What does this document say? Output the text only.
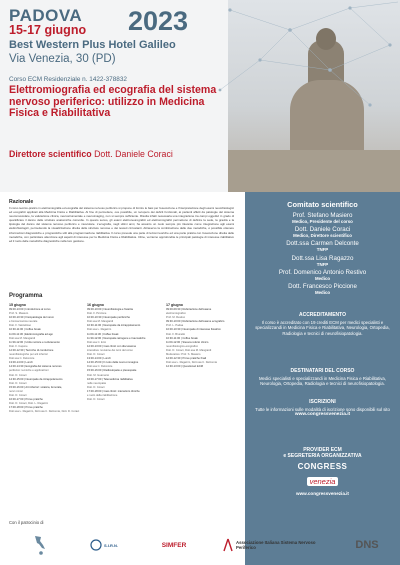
PADOVA 2023
15-17 giugno
Best Western Plus Hotel Galileo
Via Venezia, 30 (PD)
Corso ECM Residenziale n. 1422-378832
Elettromiografia ed ecografia del sistema nervoso periferico: utilizzo in Medicina Fisica e Riabilitativa
Direttore scientifico Dott. Daniele Coraci
Razionale

Il corso teorico-pratico in elettromiografia ed ecografia del sistema nervoso periferico si propone di fornire le basi per l'esecuzione e l'interpretazione degli esami neurofisiologici ed ecografici applicati alla Medicina Fisica e Riabilitativa. Al fine di permettere, ove possibile, un recupero dei deficit funzionali, ai pazienti affetti da patologie del sistema neuromuscolare, la valutazione clinica, neurostrumentale e neuroimaging, non si sempre sufficiente. Risulta infatti necessaria una integrazione tra campi oggettivi in grado di quantificare il danno delle strutture anatomiche coinvolte. In questo senso, gli esami elettroneurografici ed elettromiografici permettono di definire la sede, la gravità e la tipologia del danno del sistema nervoso periferico e muscolare. L'ecografia, negli ultimi anni, ha assunto un ruolo sempre più rilevante come integrazione agli esami elettrofisiologici, permettendo la visualizzazione diretta delle strutture nervose e dei tessuti circostanti. Attraverso la combinazione delle due metodiche, è possibile ottenere informazioni diagnostiche e prognostiche utili alla programmazione riabilitativa. Il corso prevede una parte di lezioni teoriche ed una parte pratica con l'esecuzione diretta delle metodiche, con particolare attenzione agli aspetti di interesse per la Medicina Fisica e Riabilitativa. Infine, verranno approfondite le principali patologie di interesse riabilitativo ed il ruolo delle metodiche diagnostiche nella loro gestione.

Programma
15 giugno
09:00-13:00 | Introduzione al corso
Prof. S. Masiero
10:00-10:30 | Fisiopatologia del nervo
e biomeccanica neurale
Dott. F. Vaticelloso
10:30-11:00 | Coffee break
11:00-11:30 | Elettromiografia ad ago
Dott.ssa M. Mangiardi
11:30-12:00 | Unità motorie e reclutamento
Dott. F. Capone
12:00-12:30 | Tecniche di conduzione
neurofisiologiche per arti inferiori
Dott.ssa C. Delcomte
13:00-14:00 | Lunch
14:00-14:30 | Ecografia del sistema nervoso
periferico: tecniche e applicazioni
Dott. D. Coraci
14:30-15:00 | Neuropatie da intrappolamento
Dott. D. Coraci
15:00-16:00 | Arti inferiori: sciatica, femorale,
nervi minori
Dott. D. Coraci
16:00-17:00 | Prove pratiche
Dott. D. Coraci, Dott. L. Ragazzo
17:00-18:00 | Prove pratiche
Dott.ssa L. Ragazzo, Dott.ssa C. Delcomte, Dott. D. Coraci
16 giugno
09:00-10:00 | Neurofisiologia e fisiatria
Dott. F. Piccione
10:00-10:30 | Neuropatie periferiche
Dott.ssa M. Mangiardi
10:30-11:00 | Neuropatie da intrappolamento
Dott.ssa L. Ragazzo
11:00-11:30 | Coffee break
11:30-12:00 | Neuropatie iatrogene e traumatiche
Dott.ssa C. Erro
12:00-13:00 | Casi clinici con discussione
interattiva: revisione dei turni del corso
Dott. D. Coraci
13:00-14:00 | Lunch
14:00-15:00 | Il ruolo della neuro-immagine
Dott.ssa C. Delcomte
15:00-16:00 | Radiculopatie e plessopatie
Dott. M. Guarnerio
16:00-17:00 | Telemedicina riabilitativa
nelle neuropatie
Dott. D. Coraci
17:00-18:00 | Casi clinici: interazioni cliniche
e ruolo della riabilitazione
Dott. D. Coraci
17 giugno
09:00-09:30 | Refertazione dell'esame
elettromiografico
Prof. M. Restivo
09:30-10:00 | Refertazione dell'esame ecografico
Prof. L. Padua
10:00-10:30 | Neuropatie di interesse fisiatrico
Dott. F. Brunello
10:30-11:00 | Coffee break
11:00-12:00 | Stesura referto clinico
neurofisiologico-ecografico
Dott. D. Coraci, Dott.ssa M. Mangiardi
Moderatore: Prof. S. Masiero
12:00-12:30 | Prove pratiche finali
Dott.ssa L. Ragazzo, Dott.ssa C. Delcomte
12:30-13:00 | Questionari ECM
Comitato scientifico
Prof. Stefano Masiero
Medico, Presidente del corso
Dott. Daniele Coraci
Medico, Direttore scientifico
Dott.ssa Carmen Delconte
TNFP
Dott.ssa Lisa Ragazzo
TNFP
Prof. Domenico Antonio Restivo
Medico
Dott. Francesco Piccione
Medico
ACCREDITAMENTO
Il corso è accreditato con 19 crediti ECM per medici specialisti e specializzandi in Medicina Fisica e Riabilitativa, Neurologia, Ortopedia, Radiologia e tecnici di neurofisiopatologia.
DESTINATARI DEL CORSO
Medici specialisti e specializzandi in Medicina Fisica e Riabilitativa, Neurologia, Ortopedia, Radiologia e tecnici di neurofisiopatologia.
ISCRIZIONI
Tutte le informazioni sulle modalità di iscrizione sono disponibili sul sito
www.congressvenezia.it
PROVIDER ECM
e SEGRETERIA ORGANIZZATIVA
CONGRESS
venezia
www.congressvenezia.it
Con il patrocinio di
S.I.R.N.	SIMFER	Associazione Italiana Sistema Nervoso Periferico	DNS
